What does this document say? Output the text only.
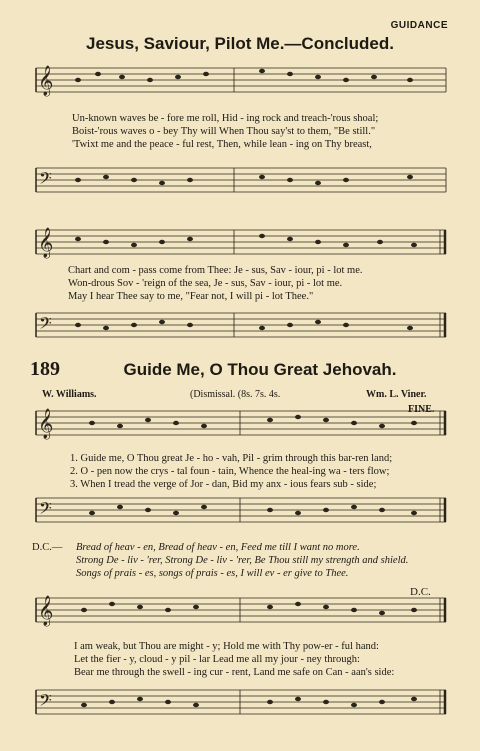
GUIDANCE
Jesus, Saviour, Pilot Me.—Concluded.
𝄞
Un-known waves be - fore me roll, Hid - ing rock and treach-'rous shoal;
Boist-'rous waves o - bey Thy will When Thou say'st to them, "Be still."
'Twixt me and the peace - ful rest, Then, while lean - ing on Thy breast,
𝄢
𝄞
Chart and com - pass come from Thee: Je - sus, Sav - iour, pi - lot me.
Won-drous Sov - 'reign of the sea, Je - sus, Sav - iour, pi - lot me.
May I hear Thee say to me, "Fear not, I will pi - lot Thee."
𝄢
189	Guide Me, O Thou Great Jehovah.
W. Williams.	(Dismissal. (8s. 7s. 4s.	Wm. L. Viner.
FINE.
𝄞
1. Guide me, O Thou great Je - ho - vah, Pil - grim through this bar-ren land;
2. O - pen now the crys - tal foun - tain, Whence the heal-ing wa - ters flow;
3. When I tread the verge of Jor - dan, Bid my anx - ious fears sub - side;
𝄢
D.C.— Bread of heav - en, Bread of heav - en, Feed me till I want no more.
Strong De - liv - 'rer, Strong De - liv - 'rer, Be Thou still my strength and shield.
Songs of prais - es, songs of prais - es, I will ev - er give to Thee.
D.C.
𝄞
I am weak, but Thou are might - y; Hold me with Thy pow-er - ful hand:
Let the fier - y, cloud - y pil - lar Lead me all my jour - ney through:
Bear me through the swell - ing cur - rent, Land me safe on Can - aan's side:
𝄢
